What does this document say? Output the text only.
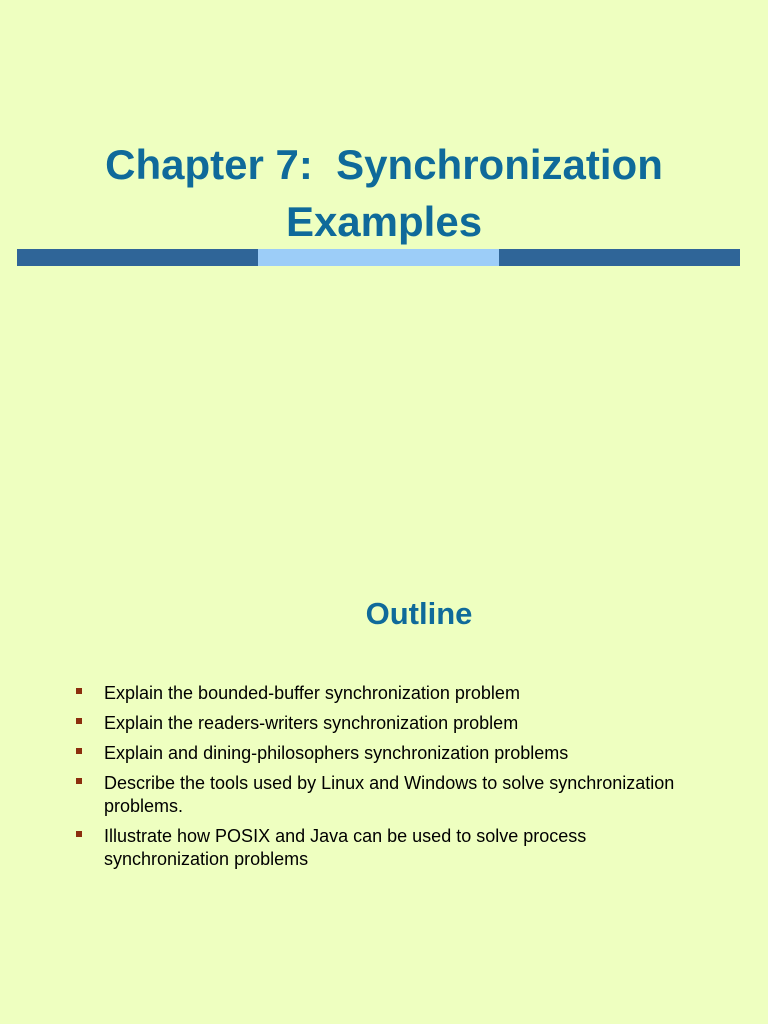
Chapter 7:  Synchronization
Examples
Outline
Explain the bounded-buffer synchronization problem
Explain the readers-writers synchronization problem
Explain and dining-philosophers synchronization problems
Describe the tools used by Linux and Windows to solve synchronization problems.
Illustrate how POSIX and Java can be used to solve process synchronization problems
